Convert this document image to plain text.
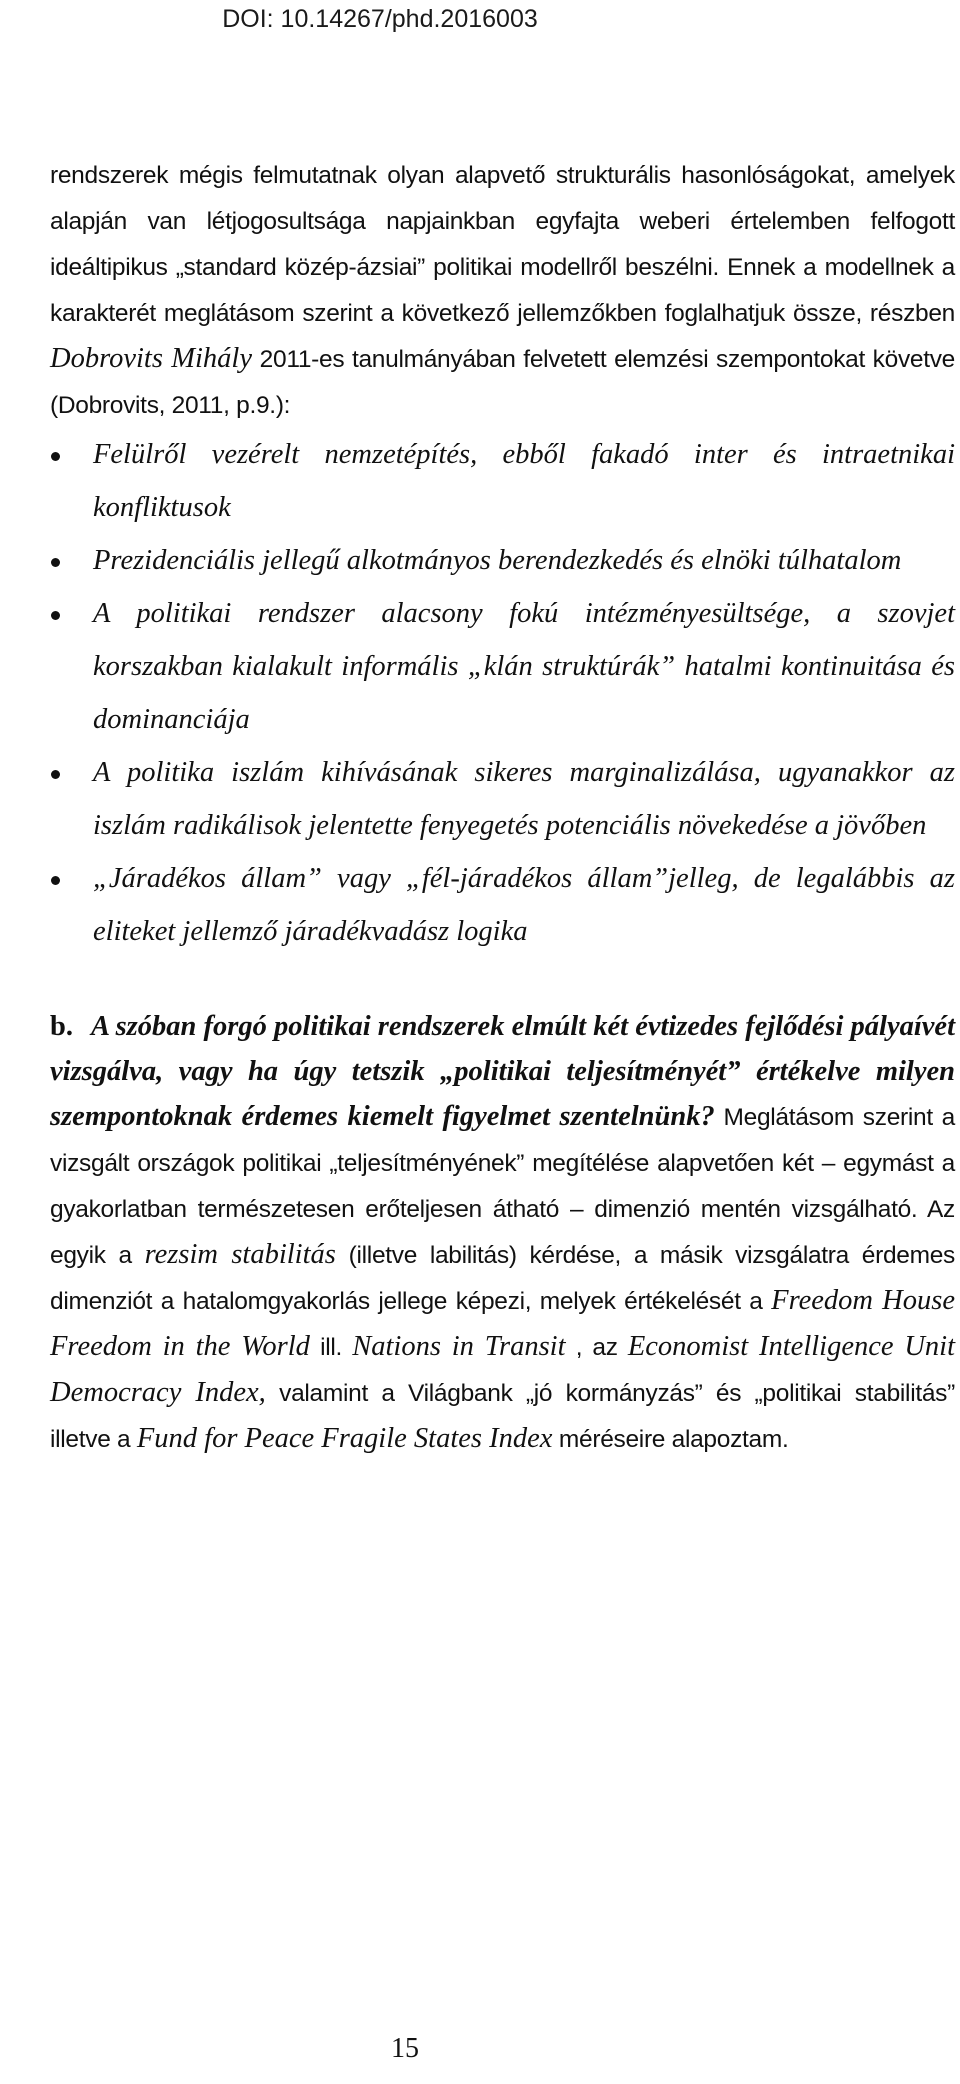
DOI: 10.14267/phd.2016003

rendszerek mégis felmutatnak olyan alapvető strukturális hasonlóságokat, amelyek alapján van létjogosultsága napjainkban egyfajta weberi értelemben felfogott ideáltipikus „standard közép-ázsiai” politikai modellről beszélni. Ennek a modellnek a karakterét meglátásom szerint a következő jellemzőkben foglalhatjuk össze, részben Dobrovits Mihály 2011-es tanulmányában felvetett elemzési szempontokat követve (Dobrovits, 2011, p.9.):

Felülről vezérelt nemzetépítés, ebből fakadó inter és intraetnikai konfliktusok
Prezidenciális jellegű alkotmányos berendezkedés és elnöki túlhatalom
A politikai rendszer alacsony fokú intézményesültsége, a szovjet korszakban kialakult informális „klán struktúrák” hatalmi kontinuitása és dominanciája
A politika iszlám kihívásának sikeres marginalizálása, ugyanakkor az iszlám radikálisok jelentette fenyegetés potenciális növekedése a jövőben
„Járadékos állam” vagy „fél-járadékos állam”jelleg, de legalábbis az eliteket jellemző járadékvadász logika

b. A szóban forgó politikai rendszerek elmúlt két évtizedes fejlődési pályaívét vizsgálva, vagy ha úgy tetszik „politikai teljesítményét” értékelve milyen szempontoknak érdemes kiemelt figyelmet szentelnünk? Meglátásom szerint a vizsgált országok politikai „teljesítményének” megítélése alapvetően két – egymást a gyakorlatban természetesen erőteljesen átható – dimenzió mentén vizsgálható. Az egyik a rezsim stabilitás (illetve labilitás) kérdése, a másik vizsgálatra érdemes dimenziót a hatalomgyakorlás jellege képezi, melyek értékelését a Freedom House Freedom in the World ill. Nations in Transit , az Economist Intelligence Unit Democracy Index, valamint a Világbank „jó kormányzás” és „politikai stabilitás” illetve a Fund for Peace Fragile States Index méréseire alapoztam.

15
